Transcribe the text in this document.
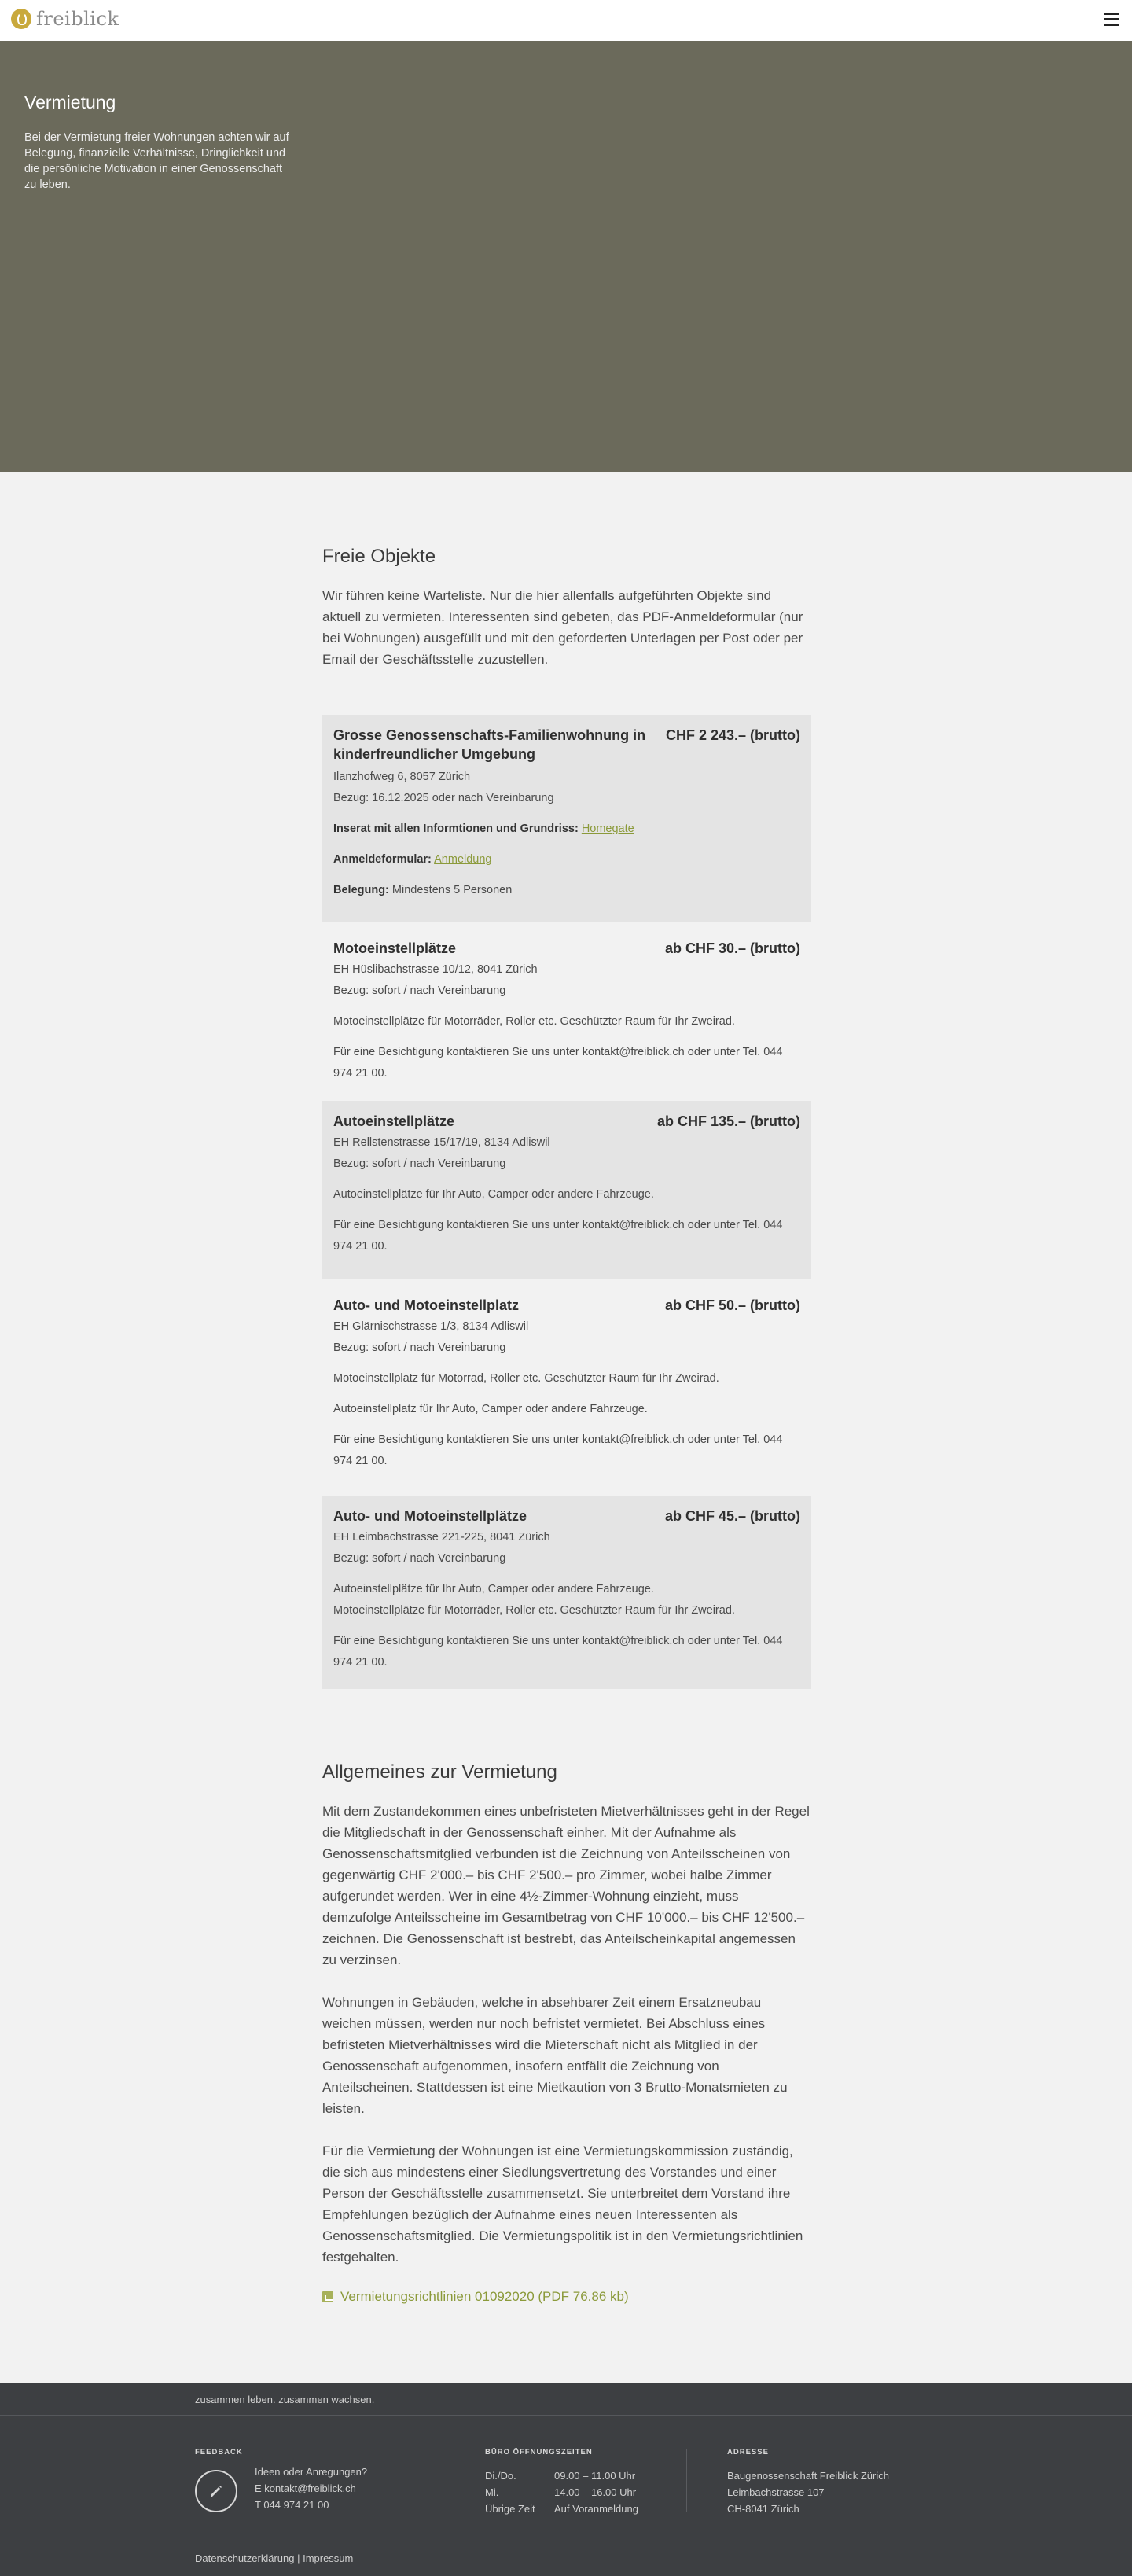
freiblick
Vermietung

Bei der Vermietung freier Wohnungen achten wir auf Belegung, finanzielle Verhältnisse, Dringlichkeit und die persönliche Motivation in einer Genossenschaft zu leben.

Freie Objekte

Wir führen keine Warteliste. Nur die hier allenfalls aufgeführten Objekte sind aktuell zu vermieten. Interessenten sind gebeten, das PDF-Anmeldeformular (nur bei Wohnungen) ausgefüllt und mit den geforderten Unterlagen per Post oder per Email der Geschäftsstelle zuzustellen.

Grosse Genossenschafts-Familienwohnung in kinderfreundlicher Umgebung
CHF 2 243.– (brutto)
Ilanzhofweg 6, 8057 Zürich
Bezug: 16.12.2025 oder nach Vereinbarung
Inserat mit allen Informtionen und Grundriss: Homegate
Anmeldeformular: Anmeldung
Belegung: Mindestens 5 Personen
Motoeinstellplätze	ab CHF 30.– (brutto)
EH Hüslibachstrasse 10/12, 8041 Zürich
Bezug: sofort / nach Vereinbarung
Motoeinstellplätze für Motorräder, Roller etc. Geschützter Raum für Ihr Zweirad.
Für eine Besichtigung kontaktieren Sie uns unter kontakt@freiblick.ch oder unter Tel. 044 974 21 00.
Autoeinstellplätze	ab CHF 135.– (brutto)
EH Rellstenstrasse 15/17/19, 8134 Adliswil
Bezug: sofort / nach Vereinbarung
Autoeinstellplätze für Ihr Auto, Camper oder andere Fahrzeuge.
Für eine Besichtigung kontaktieren Sie uns unter kontakt@freiblick.ch oder unter Tel. 044 974 21 00.
Auto- und Motoeinstellplatz	ab CHF 50.– (brutto)
EH Glärnischstrasse 1/3, 8134 Adliswil
Bezug: sofort / nach Vereinbarung
Motoeinstellplatz für Motorrad, Roller etc. Geschützter Raum für Ihr Zweirad.
Autoeinstellplatz für Ihr Auto, Camper oder andere Fahrzeuge.
Für eine Besichtigung kontaktieren Sie uns unter kontakt@freiblick.ch oder unter Tel. 044 974 21 00.
Auto- und Motoeinstellplätze	ab CHF 45.– (brutto)
EH Leimbachstrasse 221-225, 8041 Zürich
Bezug: sofort / nach Vereinbarung
Autoeinstellplätze für Ihr Auto, Camper oder andere Fahrzeuge.
Motoeinstellplätze für Motorräder, Roller etc. Geschützter Raum für Ihr Zweirad.
Für eine Besichtigung kontaktieren Sie uns unter kontakt@freiblick.ch oder unter Tel. 044 974 21 00.
Allgemeines zur Vermietung

Mit dem Zustandekommen eines unbefristeten Mietverhältnisses geht in der Regel die Mitgliedschaft in der Genossenschaft einher. Mit der Aufnahme als Genossenschaftsmitglied verbunden ist die Zeichnung von Anteilsscheinen von gegenwärtig CHF 2'000.– bis CHF 2'500.– pro Zimmer, wobei halbe Zimmer aufgerundet werden. Wer in eine 4½-Zimmer-Wohnung einzieht, muss demzufolge Anteilsscheine im Gesamtbetrag von CHF 10'000.– bis CHF 12'500.– zeichnen. Die Genossenschaft ist bestrebt, das Anteilscheinkapital angemessen zu verzinsen.

Wohnungen in Gebäuden, welche in absehbarer Zeit einem Ersatzneubau weichen müssen, werden nur noch befristet vermietet. Bei Abschluss eines befristeten Mietverhältnisses wird die Mieterschaft nicht als Mitglied in der Genossenschaft aufgenommen, insofern entfällt die Zeichnung von Anteilscheinen. Stattdessen ist eine Mietkaution von 3 Brutto-Monatsmieten zu leisten.

Für die Vermietung der Wohnungen ist eine Vermietungskommission zuständig, die sich aus mindestens einer Siedlungsvertretung des Vorstandes und einer Person der Geschäftsstelle zusammensetzt. Sie unterbreitet dem Vorstand ihre Empfehlungen bezüglich der Aufnahme eines neuen Interessenten als Genossenschaftsmitglied. Die Vermietungspolitik ist in den Vermietungsrichtlinien festgehalten.

Vermietungsrichtlinien 01092020 (PDF 76.86 kb)
zusammen leben. zusammen wachsen.
FEEDBACK
Ideen oder Anregungen?
E kontakt@freiblick.ch
T 044 974 21 00
BÜRO ÖFFNUNGSZEITEN
Di./Do.	09.00 – 11.00 Uhr
Mi.	14.00 – 16.00 Uhr
Übrige Zeit	Auf Voranmeldung
ADRESSE
Baugenossenschaft Freiblick Zürich
Leimbachstrasse 107
CH-8041 Zürich
Datenschutzerklärung | Impressum
